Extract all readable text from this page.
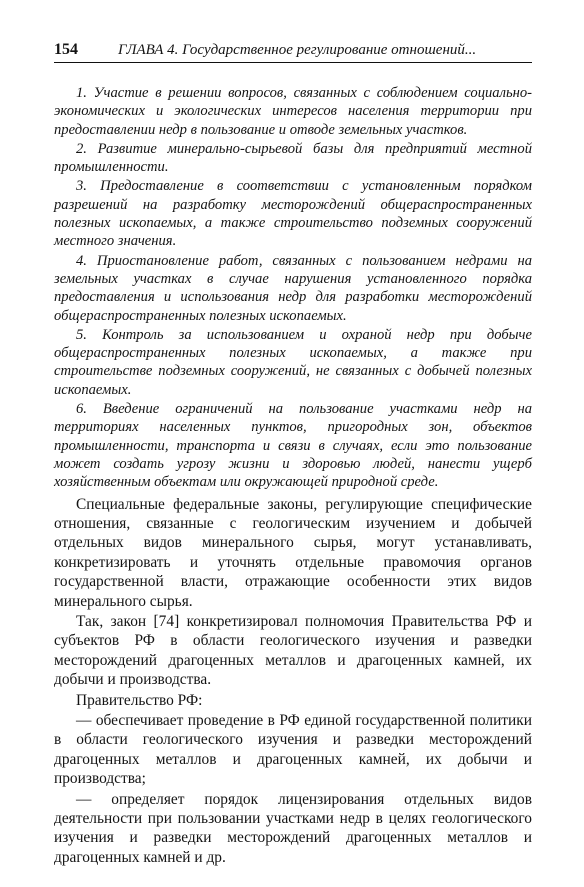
154	ГЛАВА 4. Государственное регулирование отношений...

1. Участие в решении вопросов, связанных с соблюдением социально-экономических и экологических интересов населения территории при предоставлении недр в пользование и отводе земельных участков.

2. Развитие минерально-сырьевой базы для предприятий местной промышленности.

3. Предоставление в соответствии с установленным порядком разрешений на разработку месторождений общераспространенных полезных ископаемых, а также строительство подземных сооружений местного значения.

4. Приостановление работ, связанных с пользованием недрами на земельных участках в случае нарушения установленного порядка предоставления и использования недр для разработки месторождений общераспространенных полезных ископаемых.

5. Контроль за использованием и охраной недр при добыче общераспространенных полезных ископаемых, а также при строительстве подземных сооружений, не связанных с добычей полезных ископаемых.

6. Введение ограничений на пользование участками недр на территориях населенных пунктов, пригородных зон, объектов промышленности, транспорта и связи в случаях, если это пользование может создать угрозу жизни и здоровью людей, нанести ущерб хозяйственным объектам или окружающей природной среде.

Специальные федеральные законы, регулирующие специфические отношения, связанные с геологическим изучением и добычей отдельных видов минерального сырья, могут устанавливать, конкретизировать и уточнять отдельные правомочия органов государственной власти, отражающие особенности этих видов минерального сырья.

Так, закон [74] конкретизировал полномочия Правительства РФ и субъектов РФ в области геологического изучения и разведки месторождений драгоценных металлов и драгоценных камней, их добычи и производства.

Правительство РФ:

— обеспечивает проведение в РФ единой государственной политики в области геологического изучения и разведки месторождений драгоценных металлов и драгоценных камней, их добычи и производства;

— определяет порядок лицензирования отдельных видов деятельности при пользовании участками недр в целях геологического изучения и разведки месторождений драгоценных металлов и драгоценных камней и др.
